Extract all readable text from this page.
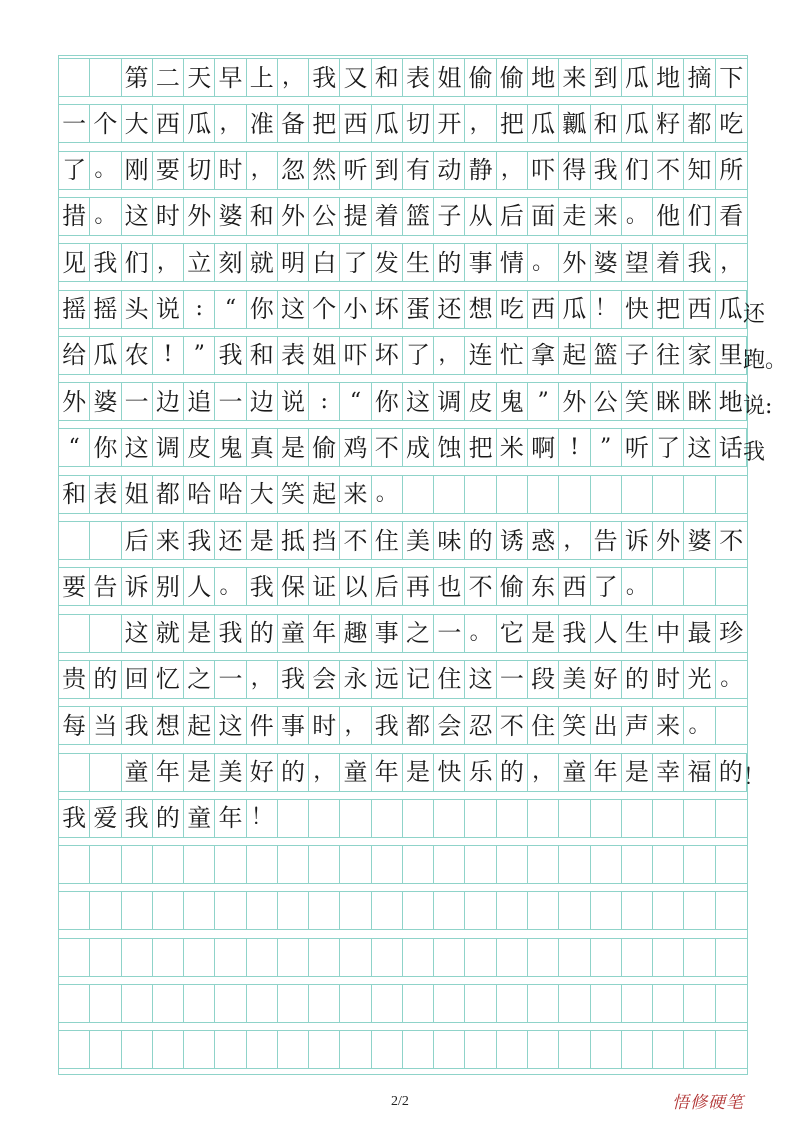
第 二 天 早 上 ， 我 又 和 表 姐 偷 偷 地 来 到 瓜 地 摘 下
一 个 大 西 瓜 ， 准 备 把 西 瓜 切 开 ， 把 瓜 瓤 和 瓜 籽 都 吃
了 。 刚 要 切 时 ， 忽 然 听 到 有 动 静 ， 吓 得 我 们 不 知 所
措 。 这 时 外 婆 和 外 公 提 着 篮 子 从 后 面 走 来 。 他 们 看
见 我 们 ， 立 刻 就 明 白 了 发 生 的 事 情 。 外 婆 望 着 我 ，
摇 摇 头 说 : “ 你 这 个 小 坏 蛋 还 想 吃 西 瓜 ！ 快 把 西 瓜 还
给 瓜 农 ! ” 我 和 表 姐 吓 坏 了 ， 连 忙 拿 起 篮 子 往 家 里 跑。
外 婆 一 边 追 一 边 说 : “ 你 这 调 皮 鬼 ” 外 公 笑 眯 眯 地 说:
“ 你 这 调 皮 鬼 真 是 偷 鸡 不 成 蚀 把 米 啊 ! ” 听 了 这 话 我
和 表 姐 都 哈 哈 大 笑 起 来 。
后 来 我 还 是 抵 挡 不 住 美 味 的 诱 惑 ， 告 诉 外 婆 不
要 告 诉 别 人 。 我 保 证 以 后 再 也 不 偷 东 西 了 。
这 就 是 我 的 童 年 趣 事 之 一 。 它 是 我 人 生 中 最 珍
贵 的 回 忆 之 一 ， 我 会 永 远 记 住 这 一 段 美 好 的 时 光 。
每 当 我 想 起 这 件 事 时 ， 我 都 会 忍 不 住 笑 出 声 来 。
童 年 是 美 好 的 ， 童 年 是 快 乐 的 ， 童 年 是 幸 福 的 ！
我 爱 我 的 童 年 ！
2/2	悟修硬笔
